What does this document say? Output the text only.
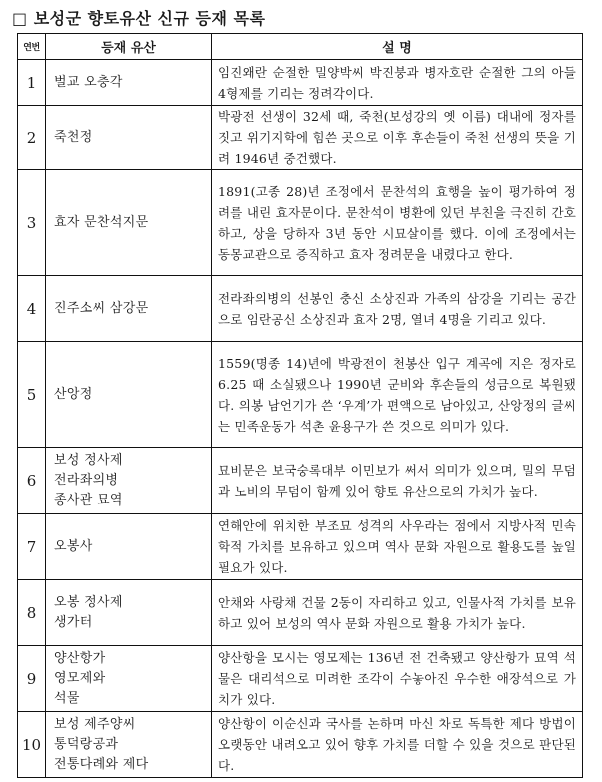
□ 보성군 향토유산 신규 등재 목록
연번	등재 유산	설 명
1	벌교 오충각	임진왜란 순절한 밀양박씨 박진붕과 병자호란 순절한 그의 아들 4형제를 기리는 정려각이다.
2	죽천정	박광전 선생이 32세 때, 죽천(보성강의 옛 이름) 대내에 정자를 짓고 위기지학에 힘쓴 곳으로 이후 후손들이 죽천 선생의 뜻을 기려 1946년 중건했다.
3	효자 문찬석지문	1891(고종 28)년 조정에서 문찬석의 효행을 높이 평가하여 정려를 내린 효자문이다. 문찬석이 병환에 있던 부친을 극진히 간호하고, 상을 당하자 3년 동안 시묘살이를 했다. 이에 조정에서는 동몽교관으로 증직하고 효자 정려문을 내렸다고 한다.
4	진주소씨 삼강문	전라좌의병의 선봉인 충신 소상진과 가족의 삼강을 기리는 공간으로 임란공신 소상진과 효자 2명, 열녀 4명을 기리고 있다.
5	산앙정	1559(명종 14)년에 박광전이 천봉산 입구 계곡에 지은 정자로 6.25 때 소실됐으나 1990년 군비와 후손들의 성금으로 복원됐다. 의봉 남언기가 쓴 ‘우계’가 편액으로 남아있고, 산앙정의 글씨는 민족운동가 석촌 윤용구가 쓴 것으로 의미가 있다.
6	보성 정사제
전라좌의병
종사관 묘역	묘비문은 보국숭록대부 이민보가 써서 의미가 있으며, 밀의 무덤과 노비의 무덤이 함께 있어 향토 유산으로의 가치가 높다.
7	오봉사	연해안에 위치한 부조묘 성격의 사우라는 점에서 지방사적 민속학적 가치를 보유하고 있으며 역사 문화 자원으로 활용도를 높일 필요가 있다.
8	오봉 정사제
생가터	안채와 사랑채 건물 2동이 자리하고 있고, 인물사적 가치를 보유하고 있어 보성의 역사 문화 자원으로 활용 가치가 높다.
9	양산항가
영모제와
석물	양산항을 모시는 영모제는 136년 전 건축됐고 양산항가 묘역 석물은 대리석으로 미려한 조각이 수놓아진 우수한 애장석으로 가치가 있다.
10	보성 제주양씨
통덕랑공과
전통다례와 제다	양산항이 이순신과 국사를 논하며 마신 차로 독특한 제다 방법이 오랫동안 내려오고 있어 향후 가치를 더할 수 있을 것으로 판단된다.
